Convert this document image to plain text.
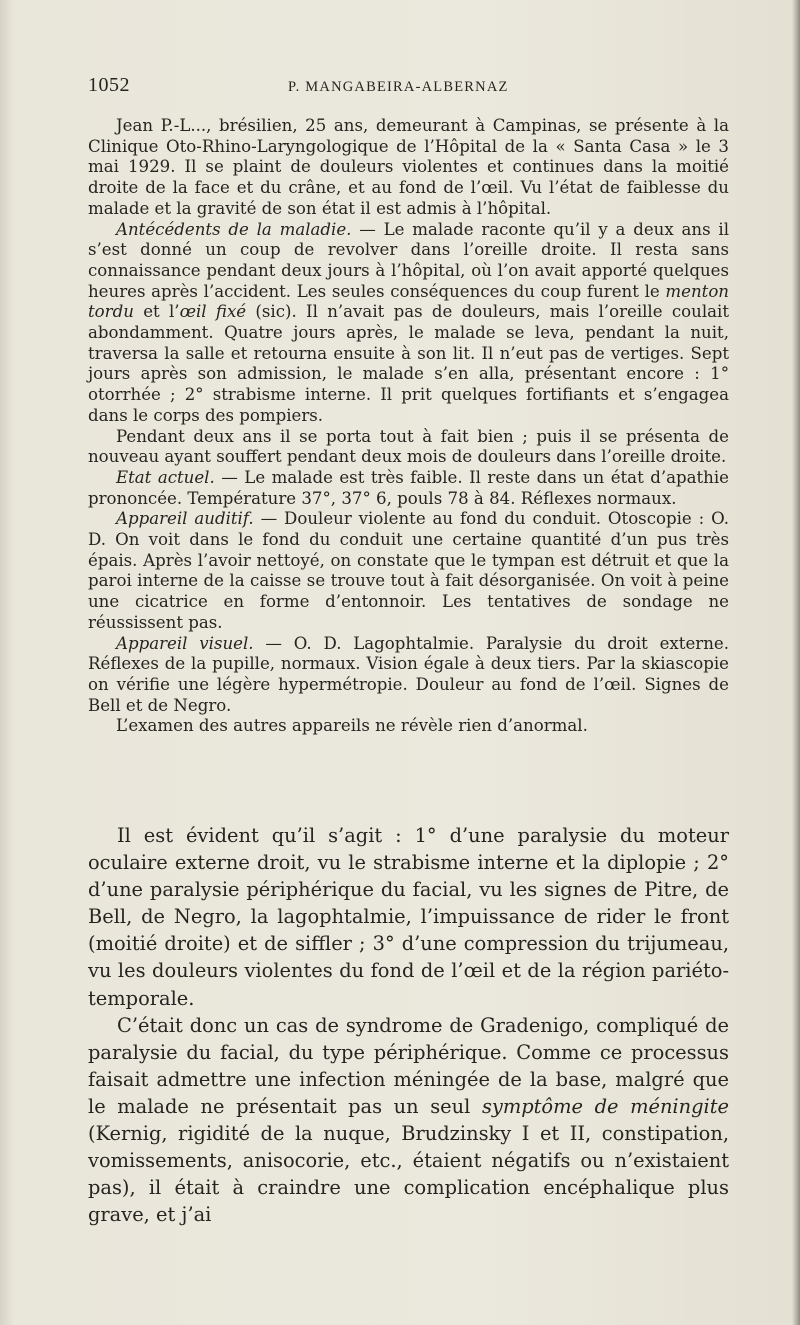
1052	P. MANGABEIRA-ALBERNAZ

Jean P.-L..., brésilien, 25 ans, demeurant à Campinas, se présente à la Clinique Oto-Rhino-Laryngologique de l’Hôpital de la « Santa Casa » le 3 mai 1929. Il se plaint de douleurs violentes et continues dans la moitié droite de la face et du crâne, et au fond de l’œil. Vu l’état de faiblesse du malade et la gravité de son état il est admis à l’hôpital.

Antécédents de la maladie. — Le malade raconte qu’il y a deux ans il s’est donné un coup de revolver dans l’oreille droite. Il resta sans connaissance pendant deux jours à l’hôpital, où l’on avait apporté quelques heures après l’accident. Les seules conséquences du coup furent le menton tordu et l’œil fixé (sic). Il n’avait pas de douleurs, mais l’oreille coulait abondamment. Quatre jours après, le malade se leva, pendant la nuit, traversa la salle et retourna ensuite à son lit. Il n’eut pas de vertiges. Sept jours après son admission, le malade s’en alla, présentant encore : 1° otorrhée ; 2° strabisme interne. Il prit quelques fortifiants et s’engagea dans le corps des pompiers.

Pendant deux ans il se porta tout à fait bien ; puis il se présenta de nouveau ayant souffert pendant deux mois de douleurs dans l’oreille droite.

Etat actuel. — Le malade est très faible. Il reste dans un état d’apathie prononcée. Température 37°, 37° 6, pouls 78 à 84. Réflexes normaux.

Appareil auditif. — Douleur violente au fond du conduit. Otoscopie : O. D. On voit dans le fond du conduit une certaine quantité d’un pus très épais. Après l’avoir nettoyé, on constate que le tympan est détruit et que la paroi interne de la caisse se trouve tout à fait désorganisée. On voit à peine une cicatrice en forme d’entonnoir. Les tentatives de sondage ne réussissent pas.

Appareil visuel. — O. D. Lagophtalmie. Paralysie du droit externe. Réflexes de la pupille, normaux. Vision égale à deux tiers. Par la skiascopie on vérifie une légère hypermétropie. Douleur au fond de l’œil. Signes de Bell et de Negro.

L’examen des autres appareils ne révèle rien d’anormal.

Il est évident qu’il s’agit : 1° d’une paralysie du moteur oculaire externe droit, vu le strabisme interne et la diplopie ; 2° d’une paralysie périphérique du facial, vu les signes de Pitre, de Bell, de Negro, la lagophtalmie, l’impuissance de rider le front (moitié droite) et de siffler ; 3° d’une compression du trijumeau, vu les douleurs violentes du fond de l’œil et de la région pariéto-temporale.

C’était donc un cas de syndrome de Gradenigo, compliqué de paralysie du facial, du type périphérique. Comme ce processus faisait admettre une infection méningée de la base, malgré que le malade ne présentait pas un seul symptôme de méningite (Kernig, rigidité de la nuque, Brudzinsky I et II, constipation, vomissements, anisocorie, etc., étaient négatifs ou n’existaient pas), il était à craindre une complication encéphalique plus grave, et j’ai
